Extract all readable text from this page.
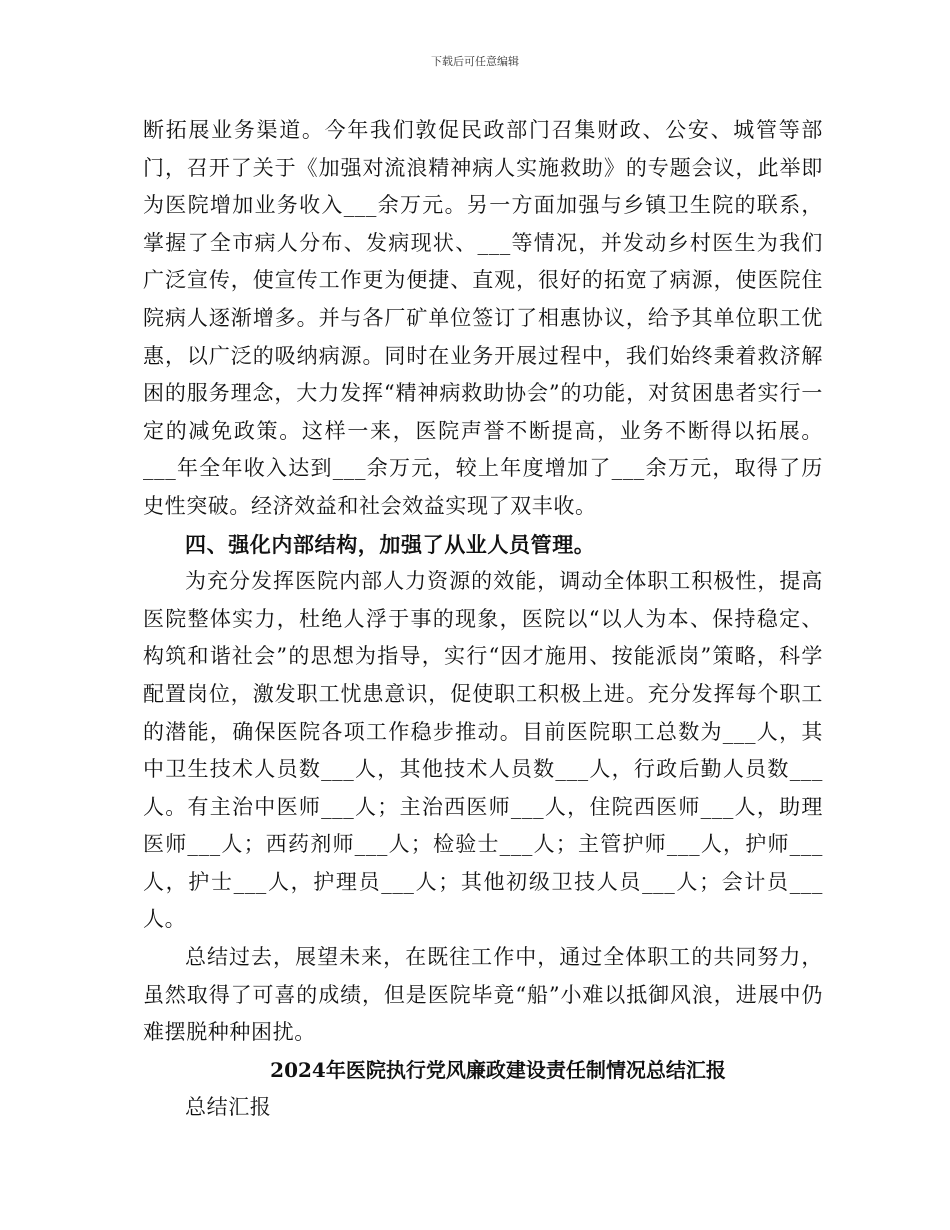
下载后可任意编辑

断拓展业务渠道。今年我们敦促民政部门召集财政、公安、城管等部门，召开了关于《加强对流浪精神病人实施救助》的专题会议，此举即为医院增加业务收入___余万元。另一方面加强与乡镇卫生院的联系，掌握了全市病人分布、发病现状、___等情况，并发动乡村医生为我们广泛宣传，使宣传工作更为便捷、直观，很好的拓宽了病源，使医院住院病人逐渐增多。并与各厂矿单位签订了相惠协议，给予其单位职工优惠，以广泛的吸纳病源。同时在业务开展过程中，我们始终秉着救济解困的服务理念，大力发挥“精神病救助协会”的功能，对贫困患者实行一定的减免政策。这样一来，医院声誉不断提高，业务不断得以拓展。___年全年收入达到___余万元，较上年度增加了___余万元，取得了历史性突破。经济效益和社会效益实现了双丰收。

四、强化内部结构，加强了从业人员管理。

为充分发挥医院内部人力资源的效能，调动全体职工积极性，提高医院整体实力，杜绝人浮于事的现象，医院以“以人为本、保持稳定、构筑和谐社会”的思想为指导，实行“因才施用、按能派岗”策略，科学配置岗位，激发职工忧患意识，促使职工积极上进。充分发挥每个职工的潜能，确保医院各项工作稳步推动。目前医院职工总数为___人，其中卫生技术人员数___人，其他技术人员数___人，行政后勤人员数___人。有主治中医师___人；主治西医师___人，住院西医师___人，助理医师___人；西药剂师___人；检验士___人；主管护师___人，护师___人，护士___人，护理员___人；其他初级卫技人员___人；会计员___人。

总结过去，展望未来，在既往工作中，通过全体职工的共同努力，虽然取得了可喜的成绩，但是医院毕竟“船”小难以抵御风浪，进展中仍难摆脱种种困扰。

2024年医院执行党风廉政建设责任制情况总结汇报

总结汇报
